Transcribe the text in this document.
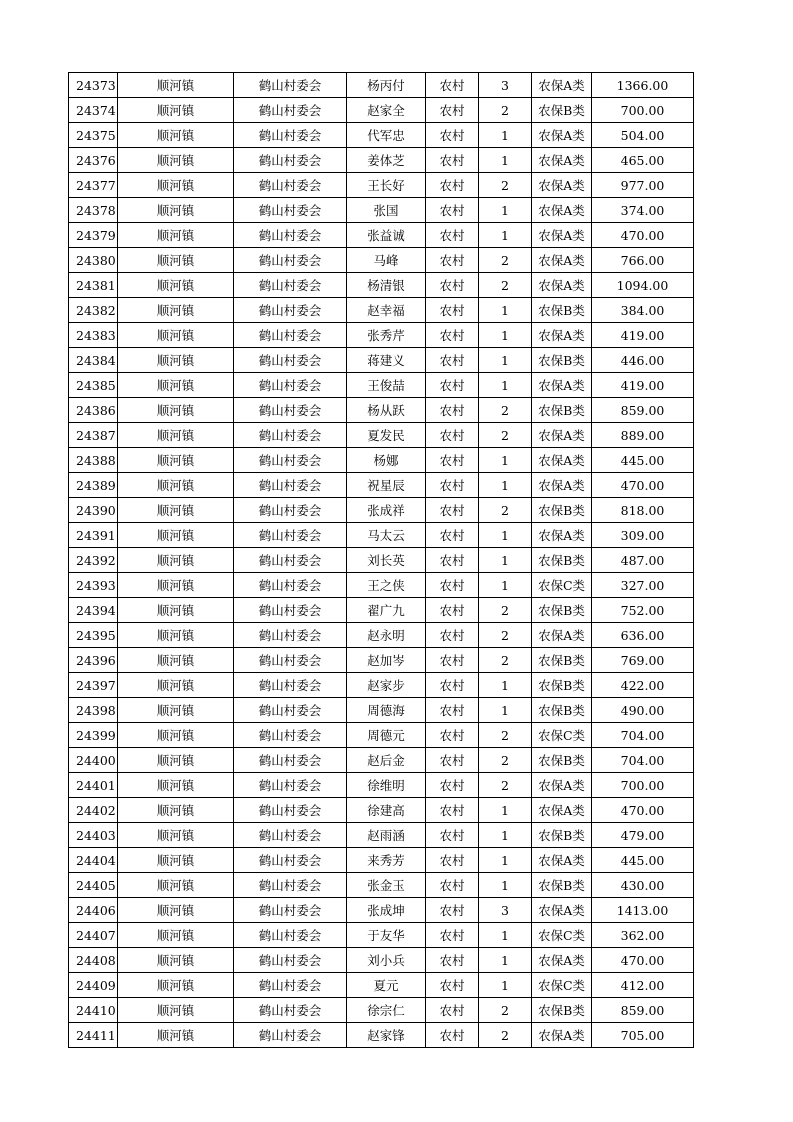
24373	顺河镇	鹤山村委会	杨丙付	农村	3	农保A类	1366.00
24374	顺河镇	鹤山村委会	赵家全	农村	2	农保B类	700.00
24375	顺河镇	鹤山村委会	代军忠	农村	1	农保A类	504.00
24376	顺河镇	鹤山村委会	姜体芝	农村	1	农保A类	465.00
24377	顺河镇	鹤山村委会	王长好	农村	2	农保A类	977.00
24378	顺河镇	鹤山村委会	张国	农村	1	农保A类	374.00
24379	顺河镇	鹤山村委会	张益诚	农村	1	农保A类	470.00
24380	顺河镇	鹤山村委会	马峰	农村	2	农保A类	766.00
24381	顺河镇	鹤山村委会	杨清银	农村	2	农保A类	1094.00
24382	顺河镇	鹤山村委会	赵幸福	农村	1	农保B类	384.00
24383	顺河镇	鹤山村委会	张秀芹	农村	1	农保A类	419.00
24384	顺河镇	鹤山村委会	蒋建义	农村	1	农保B类	446.00
24385	顺河镇	鹤山村委会	王俊喆	农村	1	农保A类	419.00
24386	顺河镇	鹤山村委会	杨从跃	农村	2	农保B类	859.00
24387	顺河镇	鹤山村委会	夏发民	农村	2	农保A类	889.00
24388	顺河镇	鹤山村委会	杨娜	农村	1	农保A类	445.00
24389	顺河镇	鹤山村委会	祝星辰	农村	1	农保A类	470.00
24390	顺河镇	鹤山村委会	张成祥	农村	2	农保B类	818.00
24391	顺河镇	鹤山村委会	马太云	农村	1	农保A类	309.00
24392	顺河镇	鹤山村委会	刘长英	农村	1	农保B类	487.00
24393	顺河镇	鹤山村委会	王之侠	农村	1	农保C类	327.00
24394	顺河镇	鹤山村委会	翟广九	农村	2	农保B类	752.00
24395	顺河镇	鹤山村委会	赵永明	农村	2	农保A类	636.00
24396	顺河镇	鹤山村委会	赵加岑	农村	2	农保B类	769.00
24397	顺河镇	鹤山村委会	赵家步	农村	1	农保B类	422.00
24398	顺河镇	鹤山村委会	周德海	农村	1	农保B类	490.00
24399	顺河镇	鹤山村委会	周德元	农村	2	农保C类	704.00
24400	顺河镇	鹤山村委会	赵后金	农村	2	农保B类	704.00
24401	顺河镇	鹤山村委会	徐维明	农村	2	农保A类	700.00
24402	顺河镇	鹤山村委会	徐建高	农村	1	农保A类	470.00
24403	顺河镇	鹤山村委会	赵雨涵	农村	1	农保B类	479.00
24404	顺河镇	鹤山村委会	来秀芳	农村	1	农保A类	445.00
24405	顺河镇	鹤山村委会	张金玉	农村	1	农保B类	430.00
24406	顺河镇	鹤山村委会	张成坤	农村	3	农保A类	1413.00
24407	顺河镇	鹤山村委会	于友华	农村	1	农保C类	362.00
24408	顺河镇	鹤山村委会	刘小兵	农村	1	农保A类	470.00
24409	顺河镇	鹤山村委会	夏元	农村	1	农保C类	412.00
24410	顺河镇	鹤山村委会	徐宗仁	农村	2	农保B类	859.00
24411	顺河镇	鹤山村委会	赵家锋	农村	2	农保A类	705.00
